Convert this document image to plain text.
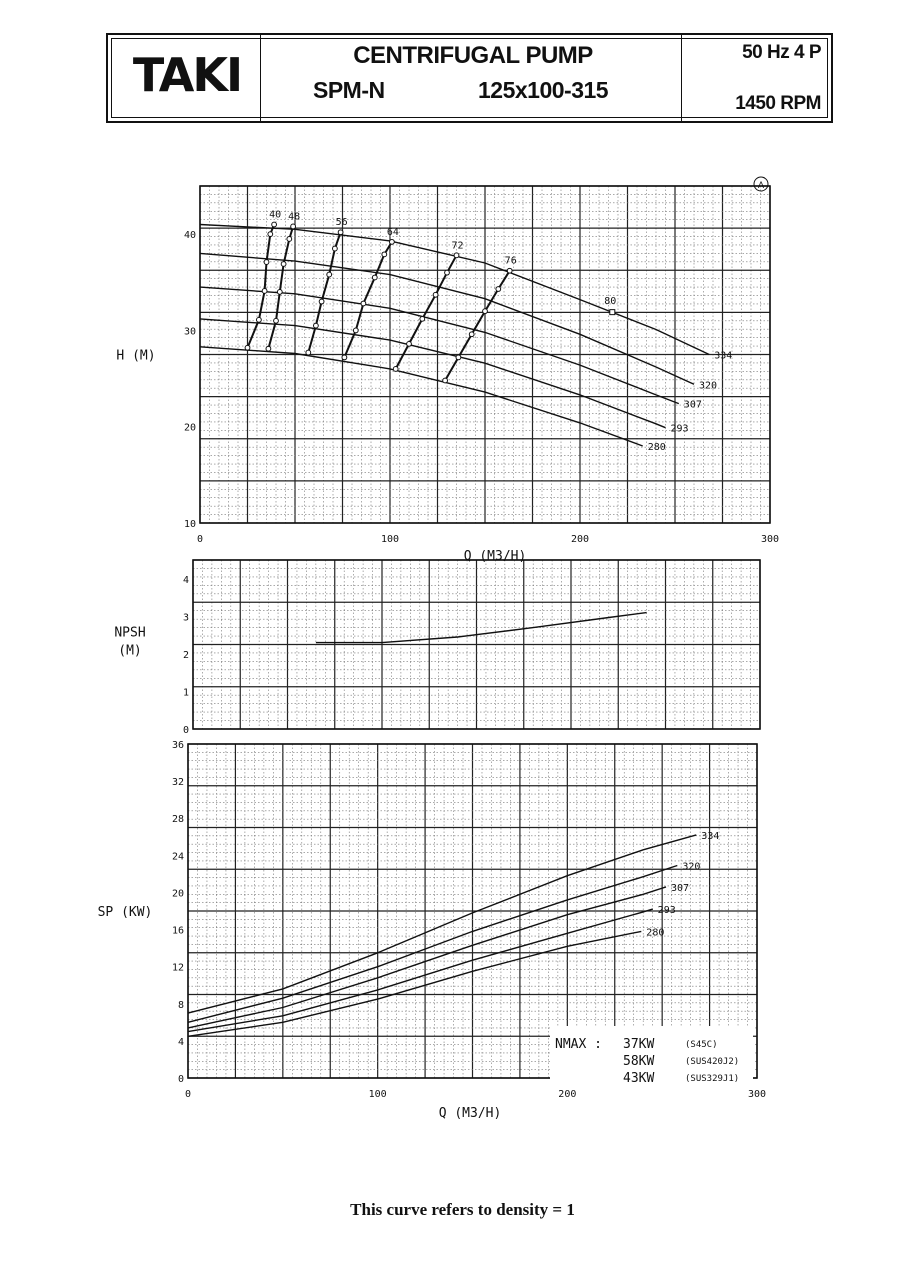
TAKI	CENTRIFUGAL PUMP
SPM-N	125x100-315
50 Hz 4 P
1450 RPM
10
20
30
40
0	100	200	300
334
320
307
293
280
40 48
56
64
72
76
80
A
H (M)
0
1
2
3
4
NPSH
(M)
0
4
8
12
16
20
24
28
32
36
0	100	200	300
334
320
307
293
280
SP (KW)
Q (M3/H)
Q (M3/H)
NMAX : 37KW	(S45C)
58KW	(SUS420J2)
43KW	(SUS329J1)
This curve refers to density = 1
